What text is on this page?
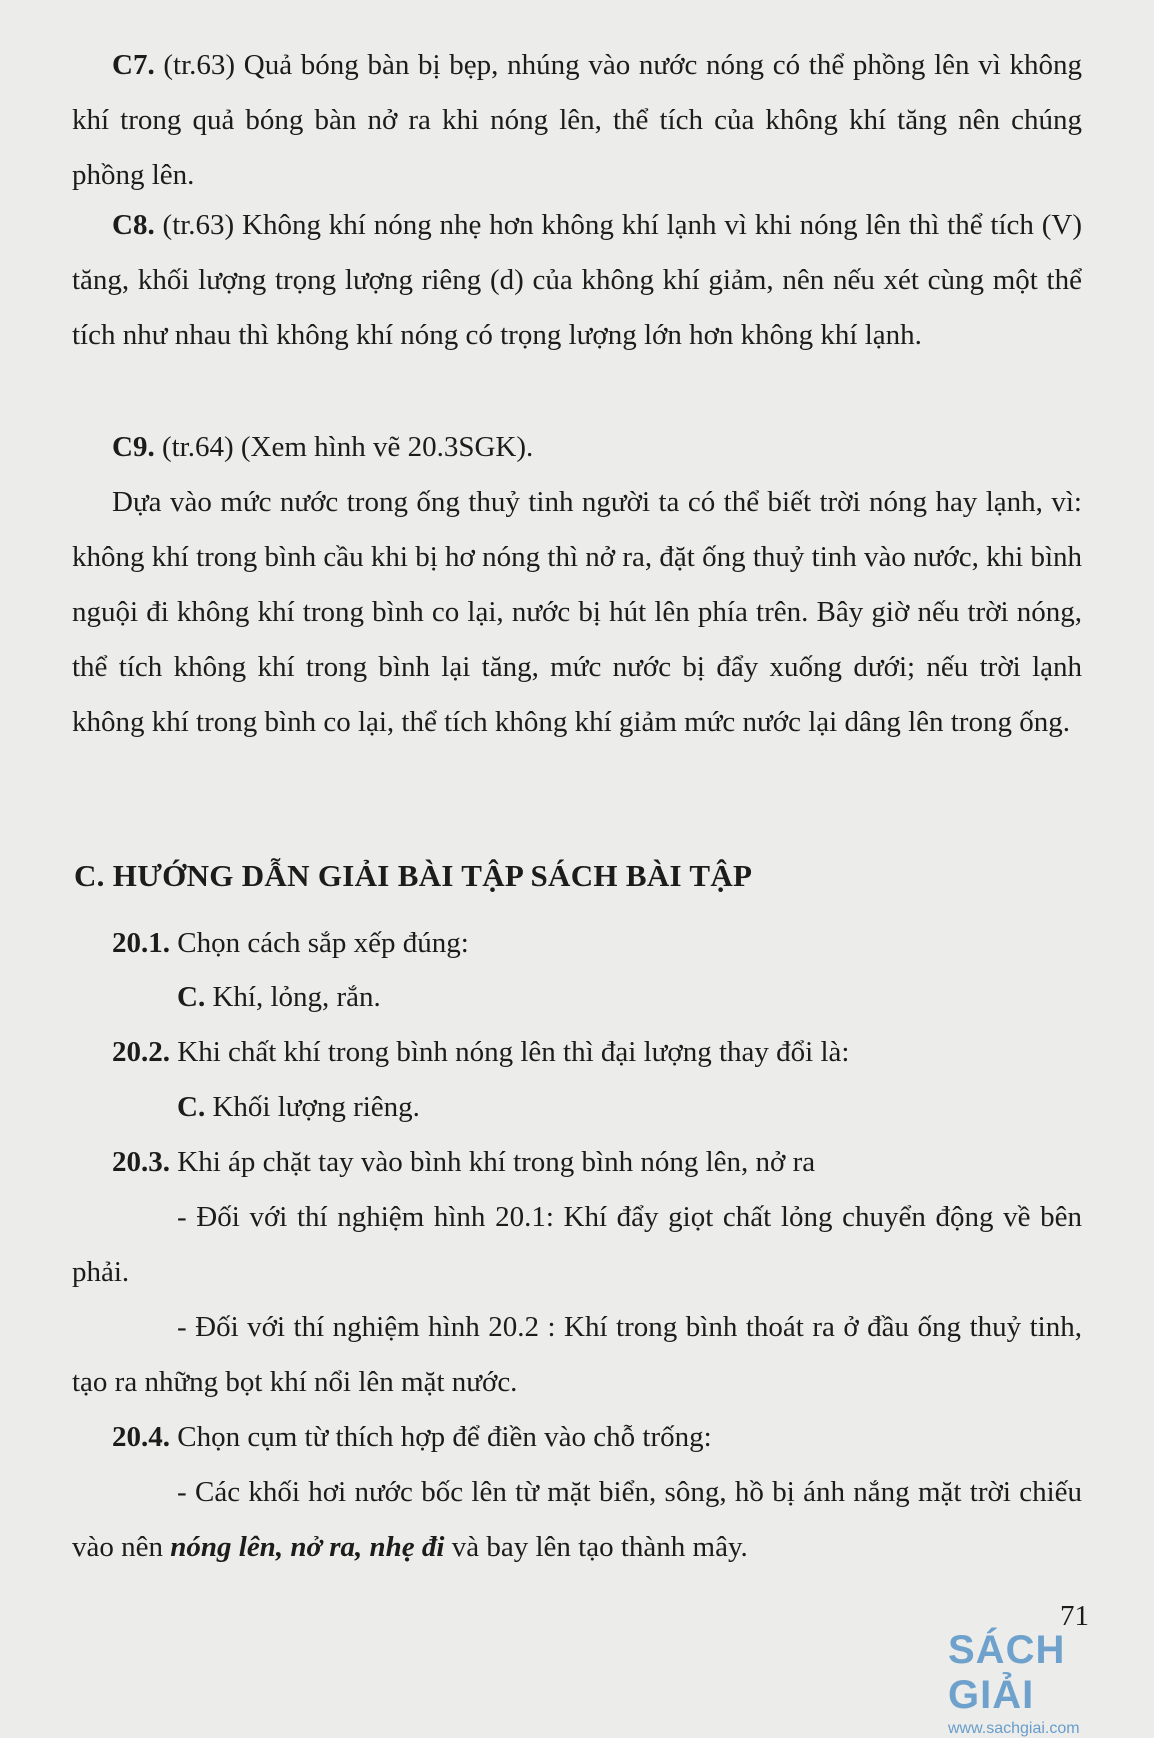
C7. (tr.63) Quả bóng bàn bị bẹp, nhúng vào nước nóng có thể phồng lên vì không khí trong quả bóng bàn nở ra khi nóng lên, thể tích của không khí tăng nên chúng phồng lên.

C8. (tr.63) Không khí nóng nhẹ hơn không khí lạnh vì khi nóng lên thì thể tích (V) tăng, khối lượng trọng lượng riêng (d) của không khí giảm, nên nếu xét cùng một thể tích như nhau thì không khí nóng có trọng lượng lớn hơn không khí lạnh.

C9. (tr.64) (Xem hình vẽ 20.3SGK).

Dựa vào mức nước trong ống thuỷ tinh người ta có thể biết trời nóng hay lạnh, vì: không khí trong bình cầu khi bị hơ nóng thì nở ra, đặt ống thuỷ tinh vào nước, khi bình nguội đi không khí trong bình co lại, nước bị hút lên phía trên. Bây giờ nếu trời nóng, thể tích không khí trong bình lại tăng, mức nước bị đẩy xuống dưới; nếu trời lạnh không khí trong bình co lại, thể tích không khí giảm mức nước lại dâng lên trong ống.

C. HƯỚNG DẪN GIẢI BÀI TẬP SÁCH BÀI TẬP

20.1. Chọn cách sắp xếp đúng:

C. Khí, lỏng, rắn.

20.2. Khi chất khí trong bình nóng lên thì đại lượng thay đổi là:

C. Khối lượng riêng.

20.3. Khi áp chặt tay vào bình khí trong bình nóng lên, nở ra

- Đối với thí nghiệm hình 20.1: Khí đẩy giọt chất lỏng chuyển động về bên phải.

- Đối với thí nghiệm hình 20.2 : Khí trong bình thoát ra ở đầu ống thuỷ tinh, tạo ra những bọt khí nổi lên mặt nước.

20.4. Chọn cụm từ thích hợp để điền vào chỗ trống:

- Các khối hơi nước bốc lên từ mặt biển, sông, hồ bị ánh nắng mặt trời chiếu vào nên nóng lên, nở ra, nhẹ đi và bay lên tạo thành mây.

71
SÁCH GIẢI
www.sachgiai.com
